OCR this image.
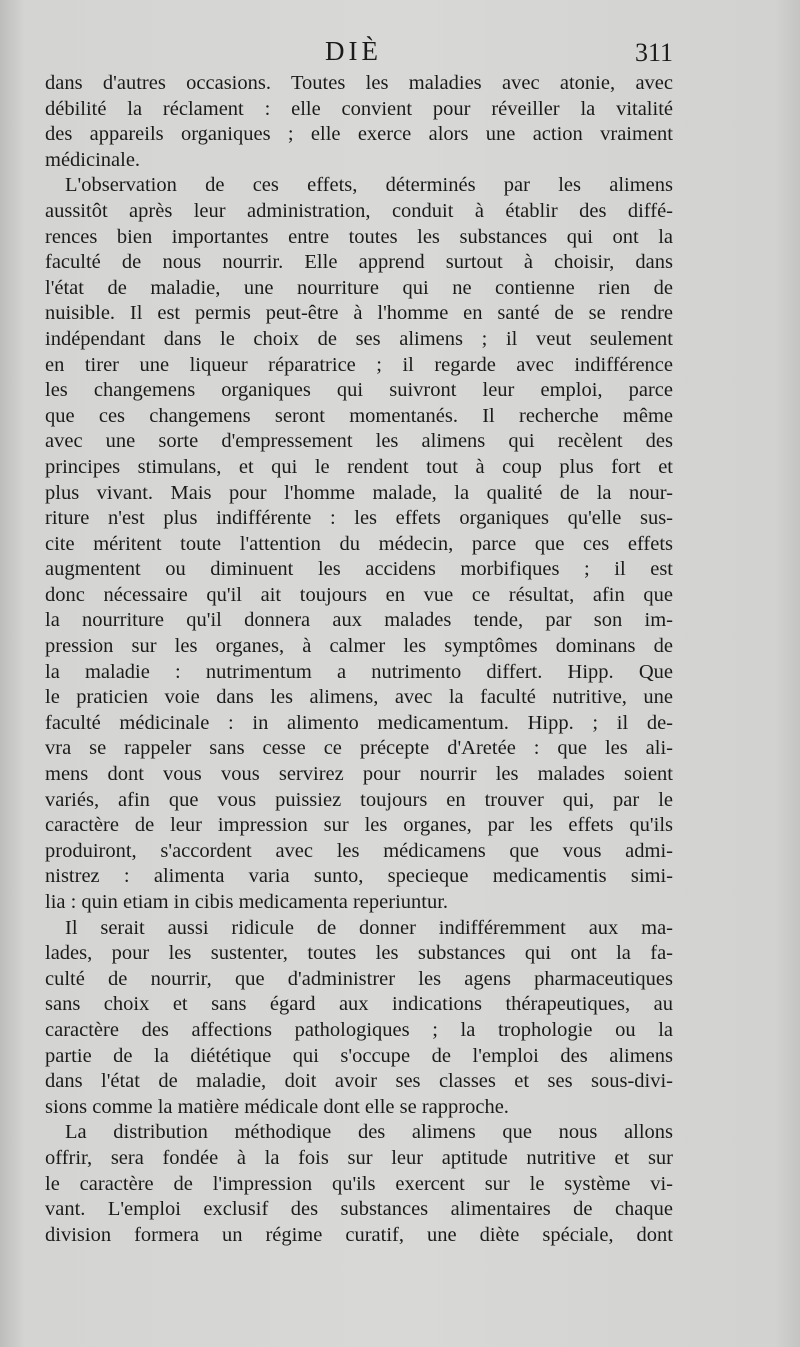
DIÈ	311
dans d'autres occasions. Toutes les maladies avec atonie, avec
débilité la réclament : elle convient pour réveiller la vitalité
des appareils organiques ; elle exerce alors une action vraiment
médicinale.
L'observation de ces effets, déterminés par les alimens
aussitôt après leur administration, conduit à établir des diffé-
rences bien importantes entre toutes les substances qui ont la
faculté de nous nourrir. Elle apprend surtout à choisir, dans
l'état de maladie, une nourriture qui ne contienne rien de
nuisible. Il est permis peut-être à l'homme en santé de se rendre
indépendant dans le choix de ses alimens ; il veut seulement
en tirer une liqueur réparatrice ; il regarde avec indifférence
les changemens organiques qui suivront leur emploi, parce
que ces changemens seront momentanés. Il recherche même
avec une sorte d'empressement les alimens qui recèlent des
principes stimulans, et qui le rendent tout à coup plus fort et
plus vivant. Mais pour l'homme malade, la qualité de la nour-
riture n'est plus indifférente : les effets organiques qu'elle sus-
cite méritent toute l'attention du médecin, parce que ces effets
augmentent ou diminuent les accidens morbifiques ; il est
donc nécessaire qu'il ait toujours en vue ce résultat, afin que
la nourriture qu'il donnera aux malades tende, par son im-
pression sur les organes, à calmer les symptômes dominans de
la maladie : nutrimentum a nutrimento differt. Hipp. Que
le praticien voie dans les alimens, avec la faculté nutritive, une
faculté médicinale : in alimento medicamentum. Hipp. ; il de-
vra se rappeler sans cesse ce précepte d'Aretée : que les ali-
mens dont vous vous servirez pour nourrir les malades soient
variés, afin que vous puissiez toujours en trouver qui, par le
caractère de leur impression sur les organes, par les effets qu'ils
produiront, s'accordent avec les médicamens que vous admi-
nistrez : alimenta varia sunto, specieque medicamentis simi-
lia : quin etiam in cibis medicamenta reperiuntur.
Il serait aussi ridicule de donner indifféremment aux ma-
lades, pour les sustenter, toutes les substances qui ont la fa-
culté de nourrir, que d'administrer les agens pharmaceutiques
sans choix et sans égard aux indications thérapeutiques, au
caractère des affections pathologiques ; la trophologie ou la
partie de la diététique qui s'occupe de l'emploi des alimens
dans l'état de maladie, doit avoir ses classes et ses sous-divi-
sions comme la matière médicale dont elle se rapproche.
La distribution méthodique des alimens que nous allons
offrir, sera fondée à la fois sur leur aptitude nutritive et sur
le caractère de l'impression qu'ils exercent sur le système vi-
vant. L'emploi exclusif des substances alimentaires de chaque
division formera un régime curatif, une diète spéciale, dont
